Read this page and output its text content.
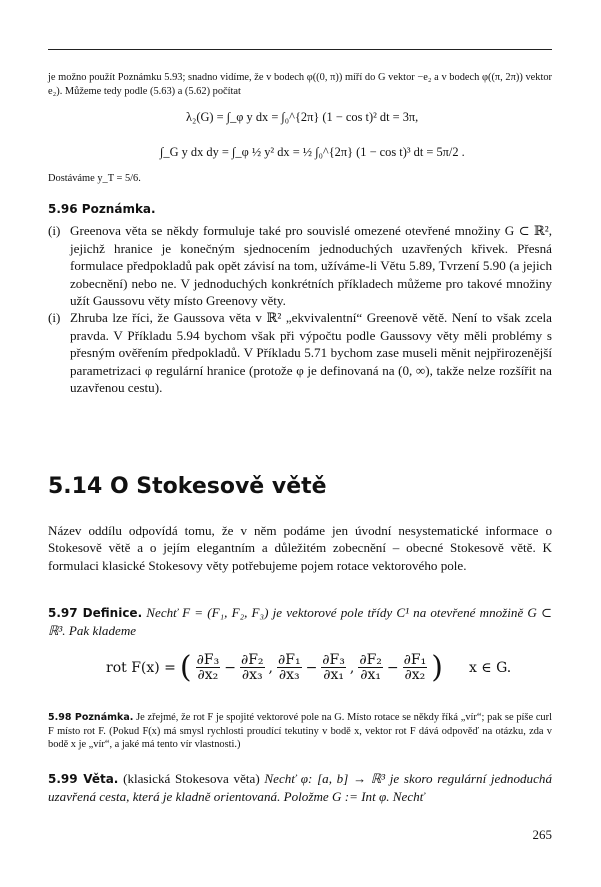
je možno použít Poznámku 5.93; snadno vidíme, že v bodech φ((0, π)) míří do G vektor −e₂ a v bodech φ((π, 2π)) vektor e₂). Můžeme tedy podle (5.63) a (5.62) počítat
λ₂(G) = ∫_φ y dx = ∫₀^{2π} (1 − cos t)² dt = 3π,
∫_G y dx dy = ∫_φ ½ y² dx = ½ ∫₀^{2π} (1 − cos t)³ dt = 5π/2 .
Dostáváme y_T = 5/6.
5.96 Poznámka.
(i) Greenova věta se někdy formuluje také pro souvislé omezené otevřené množiny G ⊂ ℝ², jejichž hranice je konečným sjednocením jednoduchých uzavřených křivek. Přesná formulace předpokladů pak opět závisí na tom, užíváme-li Větu 5.89, Tvrzení 5.90 (a jejich zobecnění) nebo ne. V jednoduchých konkrétních příkladech můžeme pro takové množiny užít Gaussovu věty místo Greenovy věty.
(i) Zhruba lze říci, že Gaussova věta v ℝ² „ekvivalentní“ Greenově větě. Není to však zcela pravda. V Příkladu 5.94 bychom však při výpočtu podle Gaussovy věty měli problémy s přesným ověřením předpokladů. V Příkladu 5.71 bychom zase museli měnit nejpřirozenější parametrizaci φ regulární hranice (protože φ je definovaná na (0, ∞), takže nelze rozšířit na uzavřenou cestu).
5.14 O Stokesově větě
Název oddílu odpovídá tomu, že v něm podáme jen úvodní nesystematické informace o Stokesově větě a o jejím elegantním a důležitém zobecnění – obecné Stokesově větě. K formulaci klasické Stokesovy věty potřebujeme pojem rotace vektorového pole.
5.97 Definice. Nechť F = (F₁, F₂, F₃) je vektorové pole třídy C¹ na otevřené množině G ⊂ ℝ³. Pak klademe
rot F(x) = ( $\frac{\text{∂F₃}}{\text{∂x₂}} - \frac{\text{∂F₂}}{\text{∂x₃}}$ , $\frac{\text{∂F₁}}{\text{∂x₃}} - \frac{\text{∂F₃}}{\text{∂x₁}}$ , $\frac{\text{∂F₂}}{\text{∂x₁}} - \frac{\text{∂F₁}}{\text{∂x₂}}$ ) x ∈ G.
5.98 Poznámka. Je zřejmé, že rot F je spojité vektorové pole na G. Místo rotace se někdy říká „vír“; pak se píše curl F místo rot F. (Pokud F(x) má smysl rychlosti proudící tekutiny v bodě x, vektor rot F dává odpověď na otázku, zda v bodě x je „vír“, a jaké má tento vír vlastnosti.)
5.99 Věta. (klasická Stokesova věta) Nechť φ: [a, b] → ℝ³ je skoro regulární jednoduchá uzavřená cesta, která je kladně orientovaná. Položme G := Int φ. Nechť
265
